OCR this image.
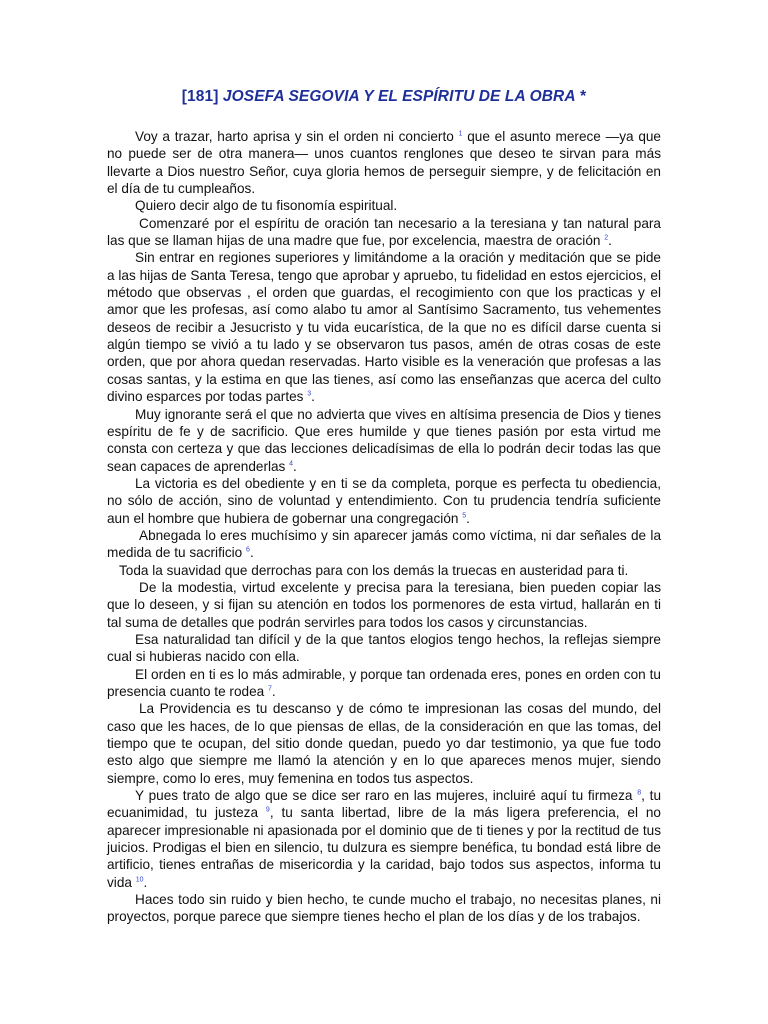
[181] JOSEFA SEGOVIA Y EL ESPÍRITU DE LA OBRA *

Voy a trazar, harto aprisa y sin el orden ni concierto $^1$ que el asunto merece —ya que no puede ser de otra manera— unos cuantos renglones que deseo te sirvan para más llevarte a Dios nuestro Señor, cuya gloria hemos de perseguir siempre, y de felicitación en el día de tu cumpleaños.

Quiero decir algo de tu fisonomía espiritual.

Comenzaré por el espíritu de oración tan necesario a la teresiana y tan natural para las que se llaman hijas de una madre que fue, por excelencia, maestra de oración $^2$.

Sin entrar en regiones superiores y limitándome a la oración y meditación que se pide a las hijas de Santa Teresa, tengo que aprobar y apruebo, tu fidelidad en estos ejercicios, el método que observas , el orden que guardas, el recogimiento con que los practicas y el amor que les profesas, así como alabo tu amor al Santísimo Sacramento, tus vehementes deseos de recibir a Jesucristo y tu vida eucarística, de la que no es difícil darse cuenta si algún tiempo se vivió a tu lado y se observaron tus pasos, amén de otras cosas de este orden, que por ahora quedan reservadas. Harto visible es la veneración que profesas a las cosas santas, y la estima en que las tienes, así como las enseñanzas que acerca del culto divino esparces por todas partes $^3$.

Muy ignorante será el que no advierta que vives en altísima presencia de Dios y tienes espíritu de fe y de sacrificio. Que eres humilde y que tienes pasión por esta virtud me consta con certeza y que das lecciones delicadísimas de ella lo podrán decir todas las que sean capaces de aprenderlas $^4$.

La victoria es del obediente y en ti se da completa, porque es perfecta tu obediencia, no sólo de acción, sino de voluntad y entendimiento. Con tu prudencia tendría suficiente aun el hombre que hubiera de gobernar una congregación $^5$.

Abnegada lo eres muchísimo y sin aparecer jamás como víctima, ni dar señales de la medida de tu sacrificio $^6$.

Toda la suavidad que derrochas para con los demás la truecas en austeridad para ti.

De la modestia, virtud excelente y precisa para la teresiana, bien pueden copiar las que lo deseen, y si fijan su atención en todos los pormenores de esta virtud, hallarán en ti tal suma de detalles que podrán servirles para todos los casos y circunstancias.

Esa naturalidad tan difícil y de la que tantos elogios tengo hechos, la reflejas siempre cual si hubieras nacido con ella.

El orden en ti es lo más admirable, y porque tan ordenada eres, pones en orden con tu presencia cuanto te rodea $^7$.

La Providencia es tu descanso y de cómo te impresionan las cosas del mundo, del caso que les haces, de lo que piensas de ellas, de la consideración en que las tomas, del tiempo que te ocupan, del sitio donde quedan, puedo yo dar testimonio, ya que fue todo esto algo que siempre me llamó la atención y en lo que apareces menos mujer, siendo siempre, como lo eres, muy femenina en todos tus aspectos.

Y pues trato de algo que se dice ser raro en las mujeres, incluiré aquí tu firmeza $^8$, tu ecuanimidad, tu justeza $^9$, tu santa libertad, libre de la más ligera preferencia, el no aparecer impresionable ni apasionada por el dominio que de ti tienes y por la rectitud de tus juicios. Prodigas el bien en silencio, tu dulzura es siempre benéfica, tu bondad está libre de artificio, tienes entrañas de misericordia y la caridad, bajo todos sus aspectos, informa tu vida $^{10}$.

Haces todo sin ruido y bien hecho, te cunde mucho el trabajo, no necesitas planes, ni proyectos, porque parece que siempre tienes hecho el plan de los días y de los trabajos.
